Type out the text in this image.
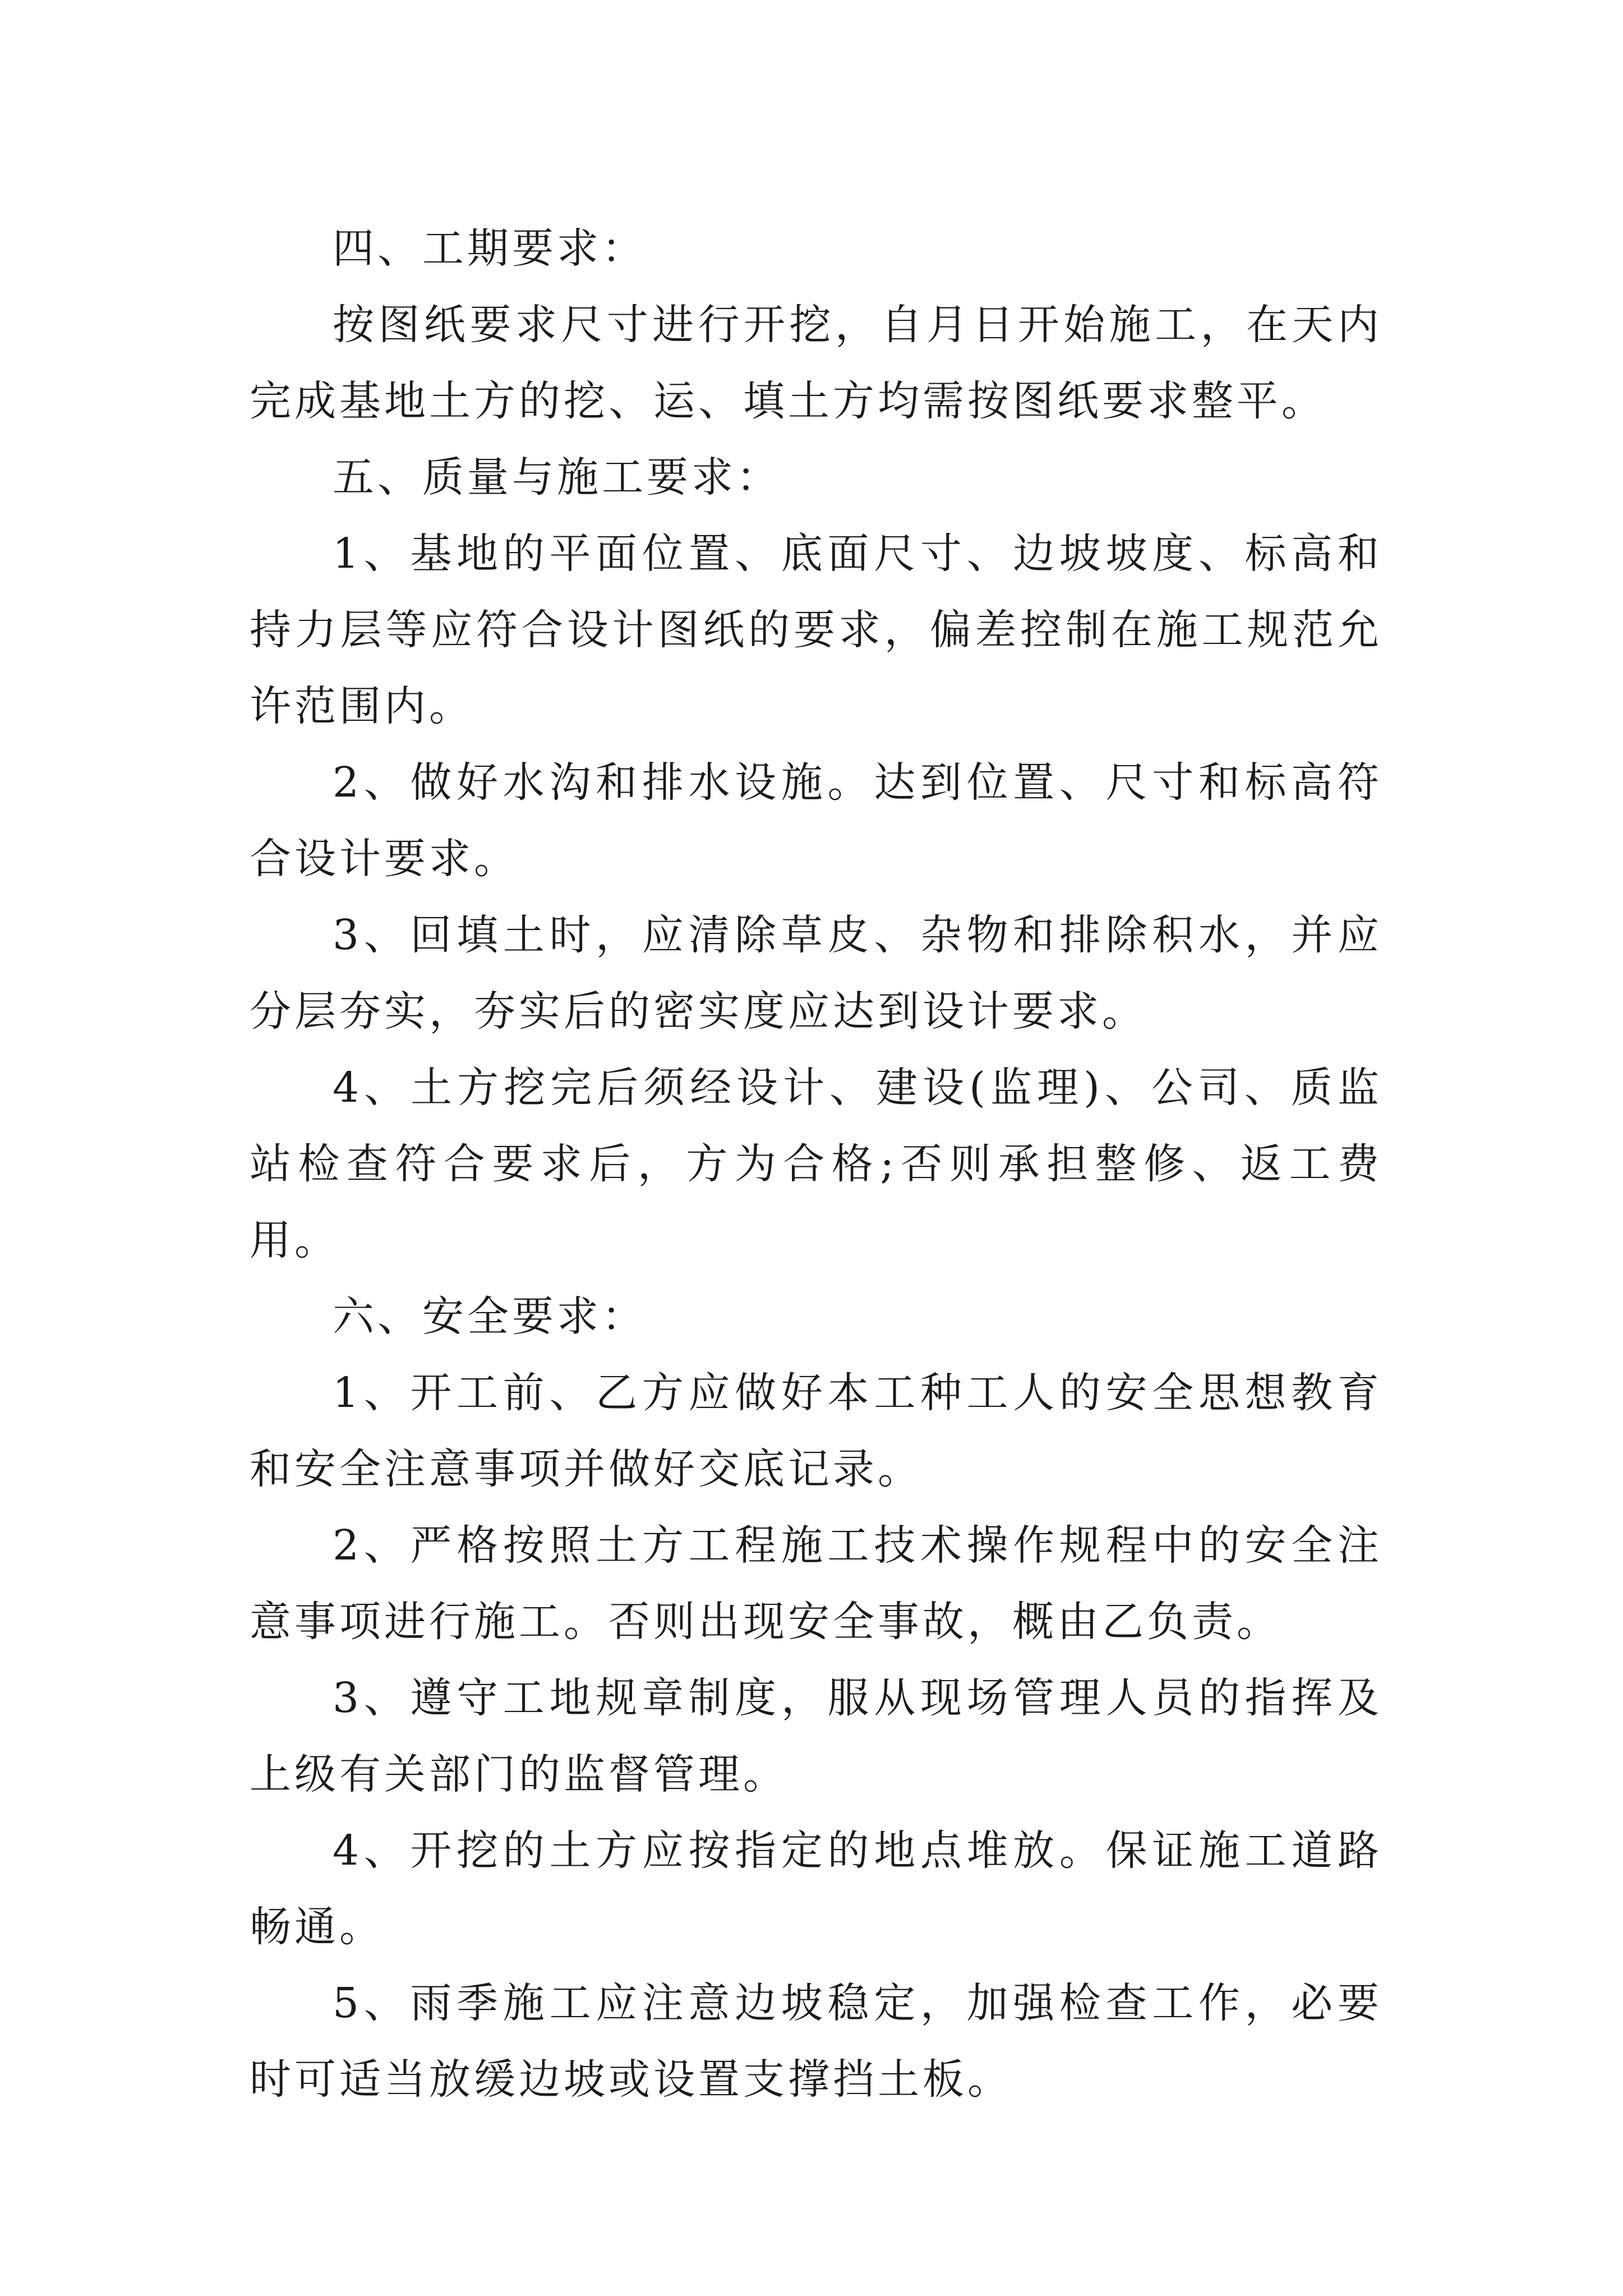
四、工期要求：

按图纸要求尺寸进行开挖，自月日开始施工，在天内完成基地土方的挖、运、填土方均需按图纸要求整平。

五、质量与施工要求：

1、基地的平面位置、底面尺寸、边坡坡度、标高和持力层等应符合设计图纸的要求，偏差控制在施工规范允许范围内。

2、做好水沟和排水设施。达到位置、尺寸和标高符合设计要求。

3、回填土时，应清除草皮、杂物和排除积水，并应分层夯实，夯实后的密实度应达到设计要求。

4、土方挖完后须经设计、建设(监理)、公司、质监站检查符合要求后，方为合格;否则承担整修、返工费用。

六、安全要求：

1、开工前、乙方应做好本工种工人的安全思想教育和安全注意事项并做好交底记录。

2、严格按照土方工程施工技术操作规程中的安全注意事项进行施工。否则出现安全事故，概由乙负责。

3、遵守工地规章制度，服从现场管理人员的指挥及上级有关部门的监督管理。

4、开挖的土方应按指定的地点堆放。保证施工道路畅通。

5、雨季施工应注意边坡稳定，加强检查工作，必要时可适当放缓边坡或设置支撑挡土板。
